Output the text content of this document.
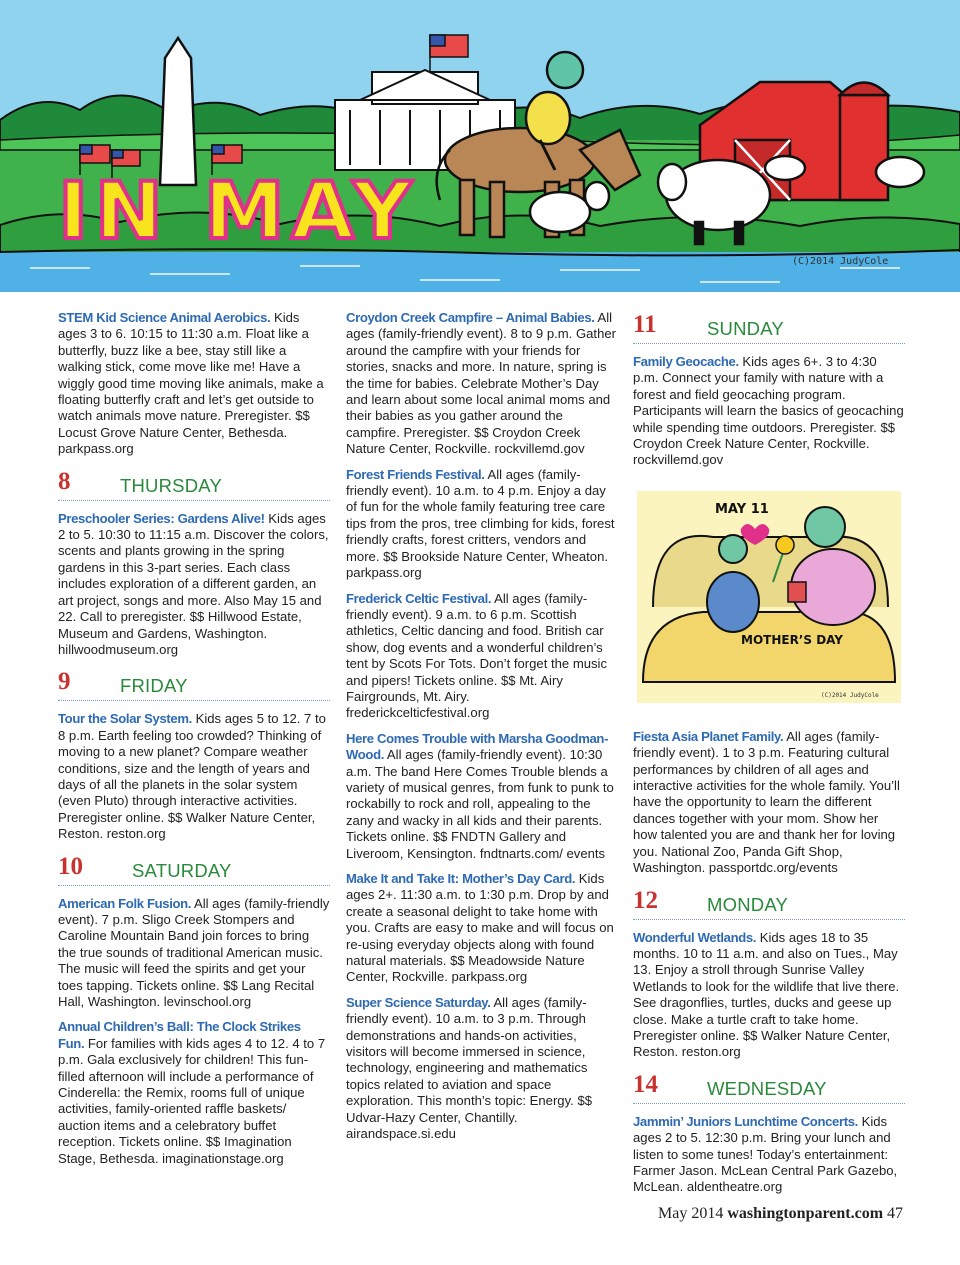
IN MAY
(C)2014 JudyCole

STEM Kid Science Animal Aerobics. Kids ages 3 to 6. 10:15 to 11:30 a.m. Float like a butterfly, buzz like a bee, stay still like a walking stick, come move like me! Have a wiggly good time moving like animals, make a floating butterfly craft and let’s get outside to watch animals move nature. Preregister. $$ Locust Grove Nature Center, Bethesda. parkpass.org

8	THURSDAY

Preschooler Series: Gardens Alive! Kids ages 2 to 5. 10:30 to 11:15 a.m. Discover the colors, scents and plants growing in the spring gardens in this 3-part series. Each class includes exploration of a different garden, an art project, songs and more. Also May 15 and 22. Call to preregister. $$ Hillwood Estate, Museum and Gardens, Washington. hillwoodmuseum.org

9	FRIDAY

Tour the Solar System. Kids ages 5 to 12. 7 to 8 p.m. Earth feeling too crowded? Thinking of moving to a new planet? Compare weather conditions, size and the length of years and days of all the planets in the solar system (even Pluto) through interactive activities. Preregister online. $$ Walker Nature Center, Reston. reston.org

10	SATURDAY

American Folk Fusion. All ages (family-friendly event). 7 p.m. Sligo Creek Stompers and Caroline Mountain Band join forces to bring the true sounds of traditional American music. The music will feed the spirits and get your toes tapping. Tickets online. $$ Lang Recital Hall, Washington. levinschool.org

Annual Children’s Ball: The Clock Strikes Fun. For families with kids ages 4 to 12. 4 to 7 p.m. Gala exclusively for children! This fun-filled afternoon will include a performance of Cinderella: the Remix, rooms full of unique activities, family-oriented raffle baskets/ auction items and a celebratory buffet reception. Tickets online. $$ Imagination Stage, Bethesda. imaginationstage.org

Croydon Creek Campfire – Animal Babies. All ages (family-friendly event). 8 to 9 p.m. Gather around the campfire with your friends for stories, snacks and more. In nature, spring is the time for babies. Celebrate Mother’s Day and learn about some local animal moms and their babies as you gather around the campfire. Preregister. $$ Croydon Creek Nature Center, Rockville. rockvillemd.gov

Forest Friends Festival. All ages (family-friendly event). 10 a.m. to 4 p.m. Enjoy a day of fun for the whole family featuring tree care tips from the pros, tree climbing for kids, forest friendly crafts, forest critters, vendors and more. $$ Brookside Nature Center, Wheaton. parkpass.org

Frederick Celtic Festival. All ages (family-friendly event). 9 a.m. to 6 p.m. Scottish athletics, Celtic dancing and food. British car show, dog events and a wonderful children’s tent by Scots For Tots. Don’t forget the music and pipers! Tickets online. $$ Mt. Airy Fairgrounds, Mt. Airy. frederickcelticfestival.org

Here Comes Trouble with Marsha Goodman-Wood. All ages (family-friendly event). 10:30 a.m. The band Here Comes Trouble blends a variety of musical genres, from funk to punk to rockabilly to rock and roll, appealing to the zany and wacky in all kids and their parents. Tickets online. $$ FNDTN Gallery and Liveroom, Kensington. fndtnarts.com/ events

Make It and Take It: Mother’s Day Card. Kids ages 2+. 11:30 a.m. to 1:30 p.m. Drop by and create a seasonal delight to take home with you. Crafts are easy to make and will focus on re-using everyday objects along with found natural materials. $$ Meadowside Nature Center, Rockville. parkpass.org

Super Science Saturday. All ages (family-friendly event). 10 a.m. to 3 p.m. Through demonstrations and hands-on activities, visitors will become immersed in science, technology, engineering and mathematics topics related to aviation and space exploration. This month’s topic: Energy. $$ Udvar-Hazy Center, Chantilly. airandspace.si.edu

11	SUNDAY

Family Geocache. Kids ages 6+. 3 to 4:30 p.m. Connect your family with nature with a forest and field geocaching program. Participants will learn the basics of geocaching while spending time outdoors. Preregister. $$ Croydon Creek Nature Center, Rockville. rockvillemd.gov

MAY 11
MOTHER’S DAY
(C)2014 JudyCole

Fiesta Asia Planet Family. All ages (family-friendly event). 1 to 3 p.m. Featuring cultural performances by children of all ages and interactive activities for the whole family. You’ll have the opportunity to learn the different dances together with your mom. Show her how talented you are and thank her for loving you. National Zoo, Panda Gift Shop, Washington. passportdc.org/events

12	MONDAY

Wonderful Wetlands. Kids ages 18 to 35 months. 10 to 11 a.m. and also on Tues., May 13. Enjoy a stroll through Sunrise Valley Wetlands to look for the wildlife that live there. See dragonflies, turtles, ducks and geese up close. Make a turtle craft to take home. Preregister online. $$ Walker Nature Center, Reston. reston.org

14	WEDNESDAY

Jammin’ Juniors Lunchtime Concerts. Kids ages 2 to 5. 12:30 p.m. Bring your lunch and listen to some tunes! Today’s entertainment: Farmer Jason. McLean Central Park Gazebo, McLean. aldentheatre.org

May 2014 washingtonparent.com 47
